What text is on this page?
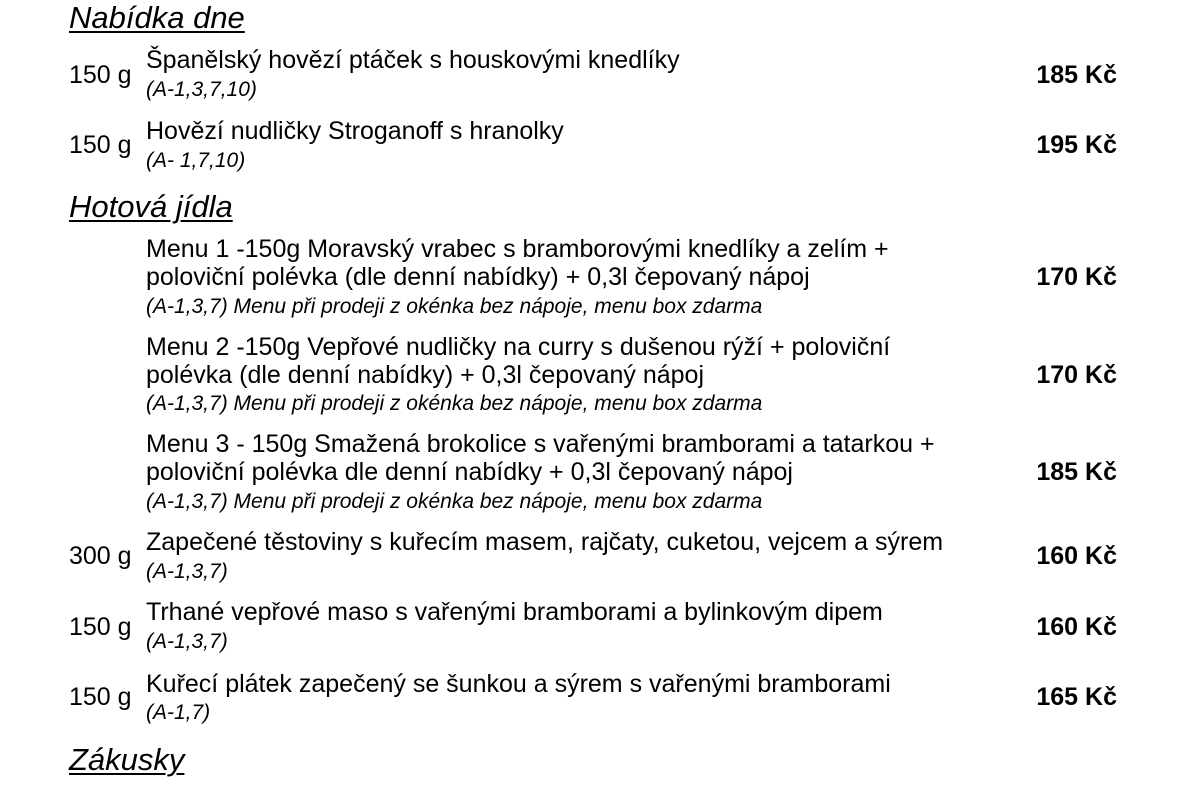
Nabídka dne
150 g
Španělský hovězí ptáček s houskovými knedlíky
(A-1,3,7,10)
185 Kč
150 g Hovězí nudličky Stroganoff s hranolky
(A- 1,7,10)
195 Kč
Hotová jídla
Menu 1 -150g Moravský vrabec s bramborovými knedlíky a zelím +
poloviční polévka (dle denní nabídky) + 0,3l čepovaný nápoj
(A-1,3,7) Menu při prodeji z okénka bez nápoje, menu box zdarma
170 Kč
Menu 2 -150g Vepřové nudličky na curry s dušenou rýží + poloviční
polévka (dle denní nabídky) + 0,3l čepovaný nápoj
(A-1,3,7) Menu při prodeji z okénka bez nápoje, menu box zdarma
170 Kč
Menu 3 - 150g Smažená brokolice s vařenými bramborami a tatarkou +
poloviční polévka dle denní nabídky + 0,3l čepovaný nápoj
(A-1,3,7) Menu při prodeji z okénka bez nápoje, menu box zdarma
185 Kč
300 g Zapečené těstoviny s kuřecím masem, rajčaty, cuketou, vejcem a sýrem
(A-1,3,7)
160 Kč
150 g
Trhané vepřové maso s vařenými bramborami a bylinkovým dipem
(A-1,3,7)
160 Kč
150 g Kuřecí plátek zapečený se šunkou a sýrem s vařenými bramborami
(A-1,7)
165 Kč
Zákusky
